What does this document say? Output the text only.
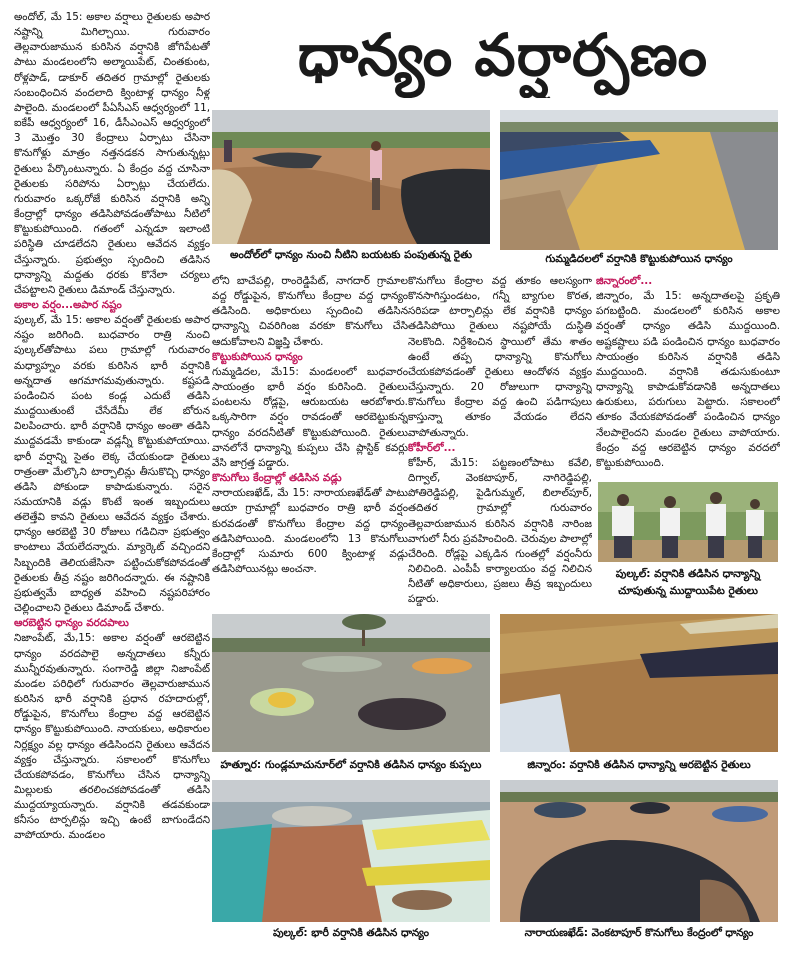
ధాన్యం వర్షార్పణం

అందోల్, మే 15: అకాల వర్షాలు రైతులకు అపార నష్టాన్ని మిగిల్చాయి. గురువారం తెల్లవారుజామున కురిసిన వర్షానికి జోగిపేటతో పాటు మండలంలోని అల్మాయిపేట్, చింతకుంట, రోళ్లపాడ్, డాకూర్ తదితర గ్రామాల్లో రైతులకు సంబంధించిన వందలాది క్వింటాళ్ల ధాన్యం నీళ్ల పాలైంది. మండలంలో పీఏసీఎస్ ఆధ్వర్యంలో 11, ఐకేపీ ఆధ్వర్యంలో 16, డీసీఎంఎస్ ఆధ్వర్యంలో 3 మొత్తం 30 కేంద్రాలు ఏర్పాటు చేసినా కొనుగోళ్లు మాత్రం నత్తనడకన సాగుతున్నట్లు రైతులు పేర్కొంటున్నారు. ఏ కేంద్రం వద్ద చూసినా రైతులకు సరిపోను ఏర్పాట్లు చేయలేదు. గురువారం ఒక్కరోజే కురిసిన వర్షానికి అన్ని కేంద్రాల్లో ధాన్యం తడిసిపోవడంతోపాటు నీటిలో కొట్టుకుపోయింది. గతంలో ఎన్నడూ ఇలాంటి పరిస్థితి చూడలేదని రైతులు ఆవేదన వ్యక్తం చేస్తున్నారు. ప్రభుత్వం స్పందించి తడిసిన ధాన్యాన్ని మద్దతు ధరకు కొనేలా చర్యలు చేపట్టాలని రైతులు డిమాండ్ చేస్తున్నారు.

అకాల వర్షం...అపార నష్టం

పుల్కల్, మే 15: అకాల వర్షంతో రైతులకు అపార నష్టం జరిగింది. బుధవారం రాత్రి నుంచి పుల్కల్‌తోపాటు పలు గ్రామాల్లో గురువారం మధ్యాహ్నం వరకు కురిసిన భారీ వర్షానికి అన్నదాత ఆగమాగమవుతున్నారు. కష్టపడి పండించిన పంట కండ్ల ఎదుటే తడిసి ముద్దయితుంటే చేసేదేమీ లేక బోరున విలపించారు. భారీ వర్షానికి ధాన్యం అంతా తడిసి ముద్దవడమే కాకుండా వడ్లన్నీ కొట్టుకుపోయాయి. భారీ వర్షాన్ని సైతం లెక్క చేయకుండా రైతులు రాత్రంతా మేల్కొని టార్పాలిన్లు తీసుకొచ్చి ధాన్యం తడిసి పోకుండా కాపాడుకున్నారు. సరైన సమయానికి వడ్లు కొంటే ఇంత ఇబ్బందులు తలెత్తేవి కావని రైతులు ఆవేదన వ్యక్తం చేశారు. ధాన్యం ఆరబెట్టి 30 రోజులు గడిచినా ప్రభుత్వం కాంటాలు వేయలేదన్నారు. మ్యార్కెట్ వచ్చిందని సిబ్బందికి తెలియజేసినా పట్టించుకోకపోవడంతో రైతులకు తీవ్ర నష్టం జరిగిందన్నారు. ఈ నష్టానికి ప్రభుత్వమే బాధ్యత వహించి నష్టపరిహారం చెల్లించాలని రైతులు డిమాండ్ చేశారు.

ఆరబెట్టిన ధాన్యం వరదపాలు

నిజాంపేట్, మే,15: అకాల వర్షంతో ఆరబెట్టిన ధాన్యం వరదపాలై అన్నదాతలు కన్నీరు మున్నీరవుతున్నారు. సంగారెడ్డి జిల్లా నిజాంపేట్ మండల పరిధిలో గురువారం తెల్లవారుజామున కురిసిన భారీ వర్షానికి ప్రధాన రహదారుల్లో, రోడ్డుపైన, కొనుగోలు కేంద్రాల వద్ద ఆరబెట్టిన ధాన్యం కొట్టుకుపోయింది. నాయకులు, అధికారుల నిర్లక్ష్యం వల్ల ధాన్యం తడిసిందని రైతులు ఆవేదన వ్యక్తం చేస్తున్నారు. సకాలంలో కొనుగోలు చేయకపోవడం, కొనుగోలు చేసిన ధాన్యాన్ని మిల్లులకు తరలించకపోవడంతో తడిసి ముద్దయ్యాయన్నారు. వర్షానికి తడవకుండా కనీసం టార్పలిన్లు ఇచ్చి ఉంటే బాగుండేదని వాపోయారు. మండలం

లోని బాచేపల్లి, రాంరెడ్డిపేట్, నాగదార్ గ్రామాల వద్ద రోడ్డుపైన, కొనుగోలు కేంద్రాల వద్ద ధాన్యం తడిసింది. అధికారులు స్పందించి తడిసిన ధాన్యాన్ని చివరిగింజ వరకూ కొనుగోలు చేసి ఆదుకోవాలని విజ్ఞప్తి చేశారు.

కొట్టుకుపోయిన ధాన్యం

గుమ్మడిదల, మే15: మండలంలో బుధవారం సాయంత్రం భారీ వర్షం కురిసింది. రైతులు పంటలను రోడ్లపై, ఆరుబయట ఆరబోశారు. ఒక్కసారిగా వర్షం రావడంతో ఆరబెట్టుకున్న ధాన్యం వరదనీటితో కొట్టుకుపోయింది. రైతులు వానలోనే ధాన్యాన్ని కుప్పలు చేసి ప్లాస్టిక్ కవర్లు వేసి జాగ్రత్త పడ్డారు.

కొనుగోలు కేంద్రాల్లో తడిసిన వడ్లు

నారాయణఖేడ్, మే 15: నారాయణఖేడ్‌తో పాటు ఆయా గ్రామాల్లో బుధవారం రాత్రి భారీ వర్షం కురవడంతో కొనుగోలు కేంద్రాల వద్ద ధాన్యం తడిసిపోయింది. మండలంలోని 13 కొనుగోలు కేంద్రాల్లో సుమారు 600 క్వింటాళ్ల వడ్లు తడిసిపోయినట్లు అంచనా.

కొనుగోలు కేంద్రాల వద్ద తూకం ఆలస్యంగా కొనసాగిస్తుండటం, గన్నీ బ్యాగుల కొరత, సరిపడా టార్పాలిన్లు లేక వర్షానికి ధాన్యం తడిసిపోయి రైతులు నష్టపోయే దుస్థితి నెలకొంది. నిర్దేశించిన స్థాయిలో తేమ శాతం ఉంటే తప్ప ధాన్యాన్ని కొనుగోలు చేయకపోవడంతో రైతులు ఆందోళన వ్యక్తం చేస్తున్నారు. 20 రోజులుగా ధాన్యాన్ని కొనుగోలు కేంద్రాల వద్ద ఉంచి పడిగాపులు కాస్తున్నా తూకం వేయడం లేదని వాపోతున్నారు.

కోహీర్‌లో...

కోహీర్, మే15: పట్టణంలోపాటు కవేలి, దిగ్వాల్, వెంకటాపూర్, నాగిరెడ్డిపల్లి, పోతిరెడ్డిపల్లి, పైడిగుమ్మల్, బిలాల్‌పూర్, తదితర గ్రామాల్లో గురువారం తెల్లవారుజామున కురిసిన వర్షానికి నారింజ వాగులో నీరు ప్రవహించింది. చెరువుల పాలాల్లో చేరింది. రోడ్లపై ఎక్కడిన గుంతల్లో వర్షంనీరు నిలిచింది. ఎంపీపీ కార్యాలయం వద్ద నిలిచిన నీటితో అధికారులు, ప్రజలు తీవ్ర ఇబ్బందులు పడ్డారు.

జిన్నారంలో...

జిన్నారం, మే 15: అన్నదాతలపై ప్రకృతి పగబట్టింది. మండలంలో కురిసిన అకాల వర్షంతో ధాన్యం తడిసి ముద్దయింది. అష్టకష్టాలు పడి పండించిన ధాన్యం బుధవారం సాయంత్రం కురిసిన వర్షానికి తడిసి ముద్దయింది. వర్షానికి తడుసుకుంటూ ధాన్యాన్ని కాపాడుకోవడానికి అన్నదాతలు ఉరుకులు, పరుగులు పెట్టారు. సకాలంలో తూకం వేయకపోవడంతో పండించిన ధాన్యం నేలపాలైందని మండల రైతులు వాపోయారు. కేంద్రం వద్ద ఆరబెట్టిన ధాన్యం వరదలో కొట్టుకుపోయింది.

అందోల్‌లో ధాన్యం నుంచి నీటిని బయటకు పంపుతున్న రైతు	గుమ్మడిదలలో వర్షానికి కొట్టుకుపోయిన ధాన్యం
పుల్కల్: వర్షానికి తడిసిన ధాన్యాన్ని చూపుతున్న ముద్దాయిపేట రైతులు
హత్నూర: గుండ్లమాచునూర్‌లో వర్షానికి తడిసిన ధాన్యం కుప్పలు	జిన్నారం: వర్షానికి తడిసిన ధాన్యాన్ని ఆరబెట్టిన రైతులు
పుల్కల్: భారీ వర్షానికి తడిసిన ధాన్యం	నారాయణఖేడ్: వెంకటాపూర్ కొనుగోలు కేంద్రంలో ధాన్యం
